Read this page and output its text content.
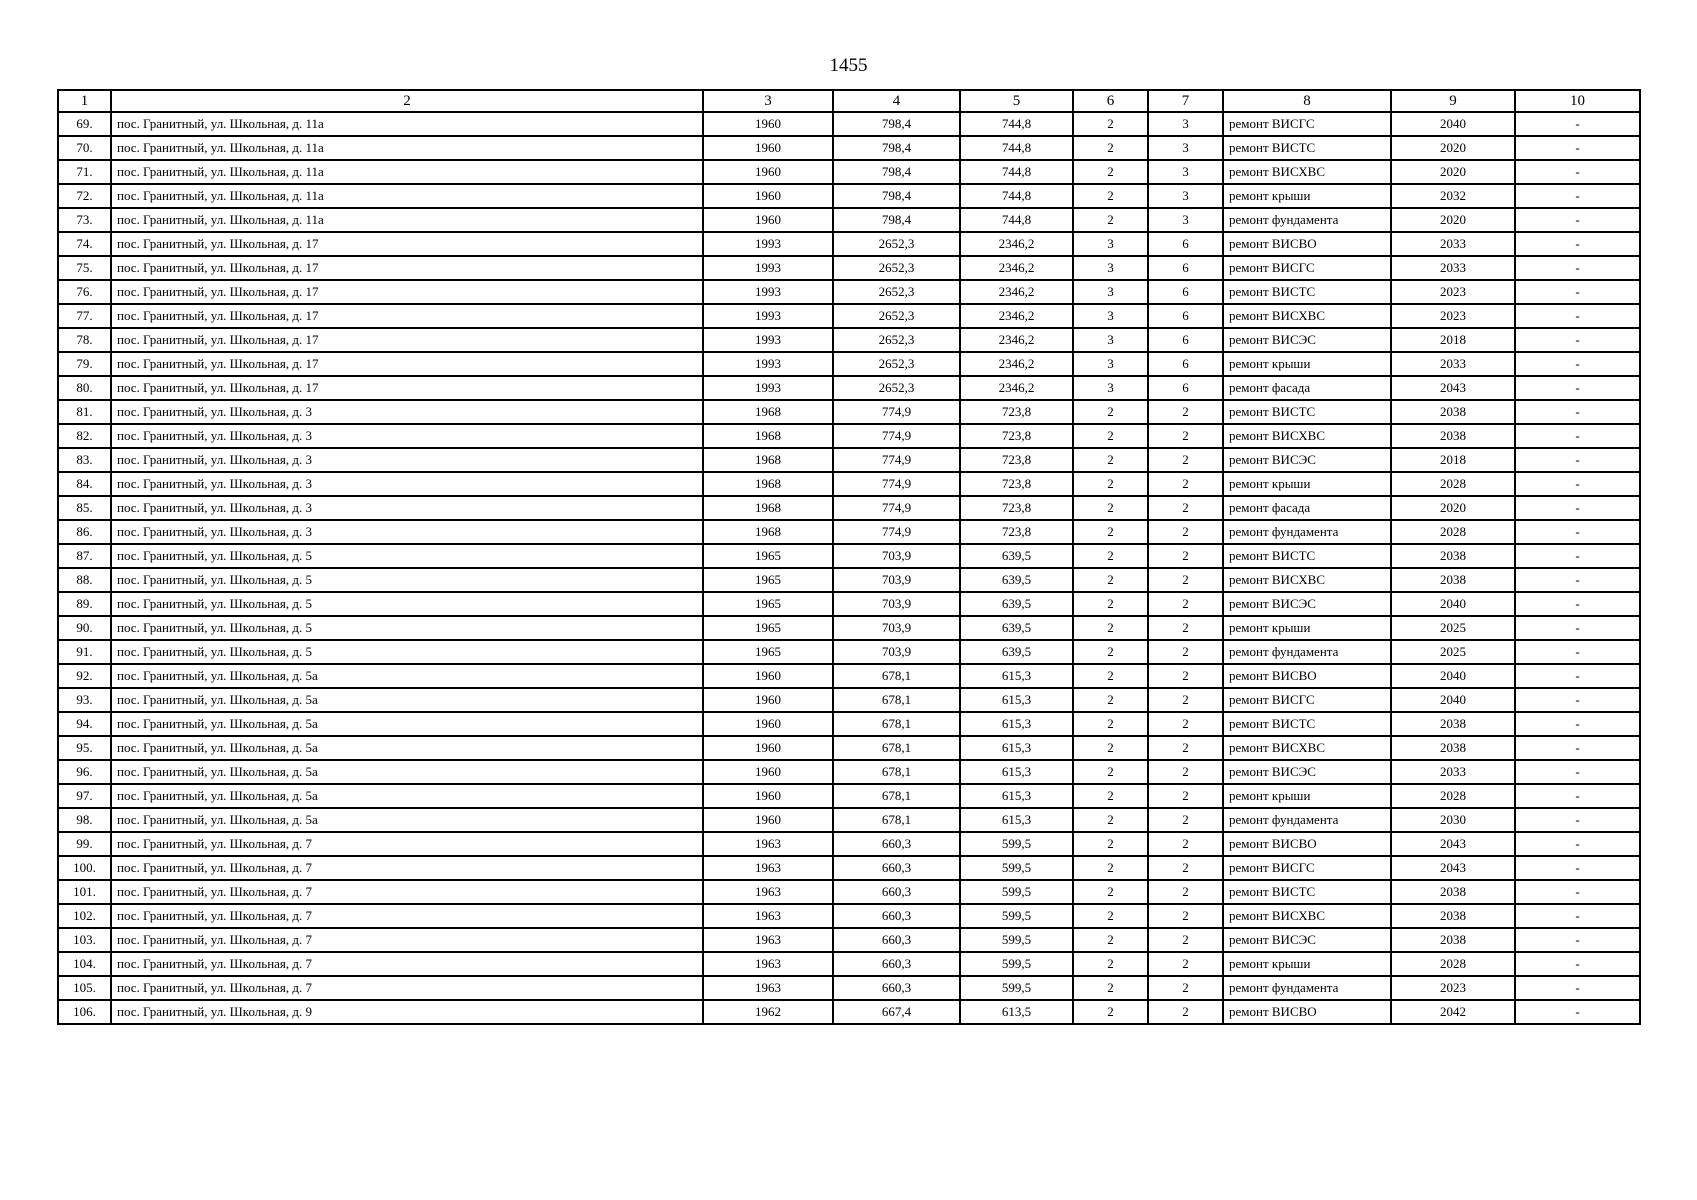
1455
1	2	3	4	5	6	7	8	9	10
69.	пос. Гранитный, ул. Школьная, д. 11а	1960	798,4	744,8	2	3	ремонт ВИСГС	2040	-
70.	пос. Гранитный, ул. Школьная, д. 11а	1960	798,4	744,8	2	3	ремонт ВИСТС	2020	-
71.	пос. Гранитный, ул. Школьная, д. 11а	1960	798,4	744,8	2	3	ремонт ВИСХВС	2020	-
72.	пос. Гранитный, ул. Школьная, д. 11а	1960	798,4	744,8	2	3	ремонт крыши	2032	-
73.	пос. Гранитный, ул. Школьная, д. 11а	1960	798,4	744,8	2	3	ремонт фундамента	2020	-
74.	пос. Гранитный, ул. Школьная, д. 17	1993	2652,3	2346,2	3	6	ремонт ВИСВО	2033	-
75.	пос. Гранитный, ул. Школьная, д. 17	1993	2652,3	2346,2	3	6	ремонт ВИСГС	2033	-
76.	пос. Гранитный, ул. Школьная, д. 17	1993	2652,3	2346,2	3	6	ремонт ВИСТС	2023	-
77.	пос. Гранитный, ул. Школьная, д. 17	1993	2652,3	2346,2	3	6	ремонт ВИСХВС	2023	-
78.	пос. Гранитный, ул. Школьная, д. 17	1993	2652,3	2346,2	3	6	ремонт ВИСЭС	2018	-
79.	пос. Гранитный, ул. Школьная, д. 17	1993	2652,3	2346,2	3	6	ремонт крыши	2033	-
80.	пос. Гранитный, ул. Школьная, д. 17	1993	2652,3	2346,2	3	6	ремонт фасада	2043	-
81.	пос. Гранитный, ул. Школьная, д. 3	1968	774,9	723,8	2	2	ремонт ВИСТС	2038	-
82.	пос. Гранитный, ул. Школьная, д. 3	1968	774,9	723,8	2	2	ремонт ВИСХВС	2038	-
83.	пос. Гранитный, ул. Школьная, д. 3	1968	774,9	723,8	2	2	ремонт ВИСЭС	2018	-
84.	пос. Гранитный, ул. Школьная, д. 3	1968	774,9	723,8	2	2	ремонт крыши	2028	-
85.	пос. Гранитный, ул. Школьная, д. 3	1968	774,9	723,8	2	2	ремонт фасада	2020	-
86.	пос. Гранитный, ул. Школьная, д. 3	1968	774,9	723,8	2	2	ремонт фундамента	2028	-
87.	пос. Гранитный, ул. Школьная, д. 5	1965	703,9	639,5	2	2	ремонт ВИСТС	2038	-
88.	пос. Гранитный, ул. Школьная, д. 5	1965	703,9	639,5	2	2	ремонт ВИСХВС	2038	-
89.	пос. Гранитный, ул. Школьная, д. 5	1965	703,9	639,5	2	2	ремонт ВИСЭС	2040	-
90.	пос. Гранитный, ул. Школьная, д. 5	1965	703,9	639,5	2	2	ремонт крыши	2025	-
91.	пос. Гранитный, ул. Школьная, д. 5	1965	703,9	639,5	2	2	ремонт фундамента	2025	-
92.	пос. Гранитный, ул. Школьная, д. 5а	1960	678,1	615,3	2	2	ремонт ВИСВО	2040	-
93.	пос. Гранитный, ул. Школьная, д. 5а	1960	678,1	615,3	2	2	ремонт ВИСГС	2040	-
94.	пос. Гранитный, ул. Школьная, д. 5а	1960	678,1	615,3	2	2	ремонт ВИСТС	2038	-
95.	пос. Гранитный, ул. Школьная, д. 5а	1960	678,1	615,3	2	2	ремонт ВИСХВС	2038	-
96.	пос. Гранитный, ул. Школьная, д. 5а	1960	678,1	615,3	2	2	ремонт ВИСЭС	2033	-
97.	пос. Гранитный, ул. Школьная, д. 5а	1960	678,1	615,3	2	2	ремонт крыши	2028	-
98.	пос. Гранитный, ул. Школьная, д. 5а	1960	678,1	615,3	2	2	ремонт фундамента	2030	-
99.	пос. Гранитный, ул. Школьная, д. 7	1963	660,3	599,5	2	2	ремонт ВИСВО	2043	-
100.	пос. Гранитный, ул. Школьная, д. 7	1963	660,3	599,5	2	2	ремонт ВИСГС	2043	-
101.	пос. Гранитный, ул. Школьная, д. 7	1963	660,3	599,5	2	2	ремонт ВИСТС	2038	-
102.	пос. Гранитный, ул. Школьная, д. 7	1963	660,3	599,5	2	2	ремонт ВИСХВС	2038	-
103.	пос. Гранитный, ул. Школьная, д. 7	1963	660,3	599,5	2	2	ремонт ВИСЭС	2038	-
104.	пос. Гранитный, ул. Школьная, д. 7	1963	660,3	599,5	2	2	ремонт крыши	2028	-
105.	пос. Гранитный, ул. Школьная, д. 7	1963	660,3	599,5	2	2	ремонт фундамента	2023	-
106.	пос. Гранитный, ул. Школьная, д. 9	1962	667,4	613,5	2	2	ремонт ВИСВО	2042	-
